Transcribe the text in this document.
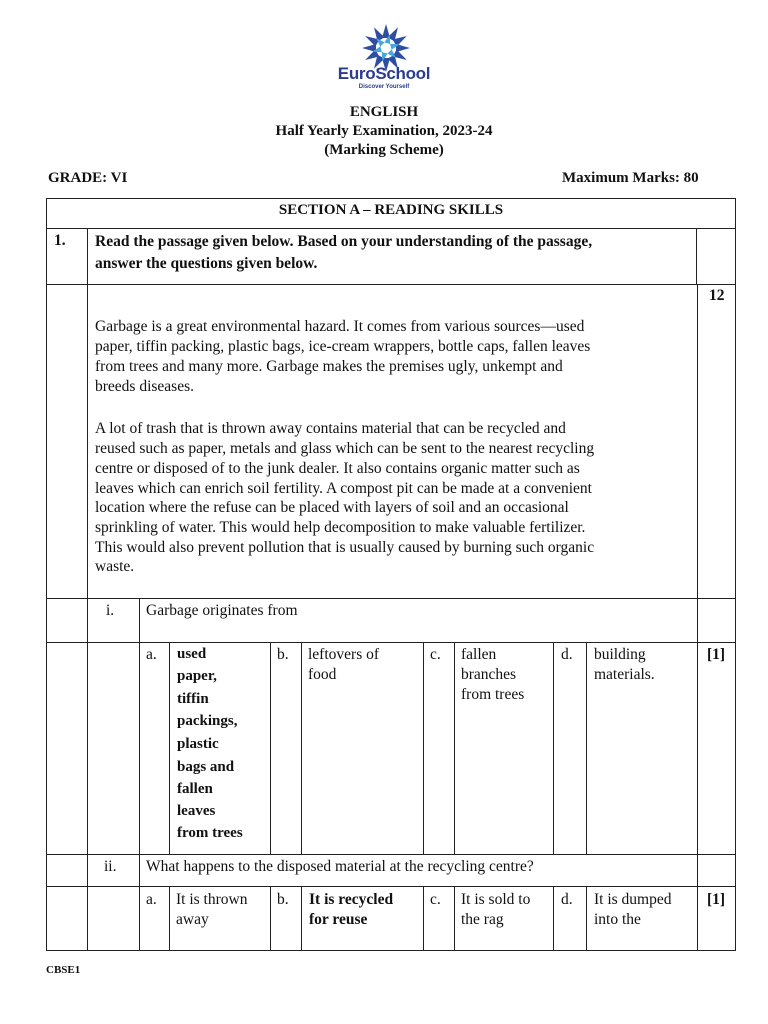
EuroSchool
Discover Yourself
ENGLISH
Half Yearly Examination, 2023-24
(Marking Scheme)
GRADE: VI	Maximum Marks: 80
SECTION A – READING SKILLS
1. Read the passage given below. Based on your understanding of the passage,
answer the questions given below.
12
Garbage is a great environmental hazard. It comes from various sources—used
paper, tiffin packing, plastic bags, ice-cream wrappers, bottle caps, fallen leaves
from trees and many more. Garbage makes the premises ugly, unkempt and
breeds diseases.
A lot of trash that is thrown away contains material that can be recycled and
reused such as paper, metals and glass which can be sent to the nearest recycling
centre or disposed of to the junk dealer. It also contains organic matter such as
leaves which can enrich soil fertility. A compost pit can be made at a convenient
location where the refuse can be placed with layers of soil and an occasional
sprinkling of water. This would help decomposition to make valuable fertilizer.
This would also prevent pollution that is usually caused by burning such organic
waste.
i. Garbage originates from
a. used
paper,
tiffin
packings,
plastic
bags and
fallen
leaves
from trees
b. leftovers of
food
c. fallen
branches
from trees
d. building
materials.
[1]
ii. What happens to the disposed material at the recycling centre?
a. It is thrown
away
b. It is recycled
for reuse
c. It is sold to
the rag
d. It is dumped
into the
[1]
CBSE1
